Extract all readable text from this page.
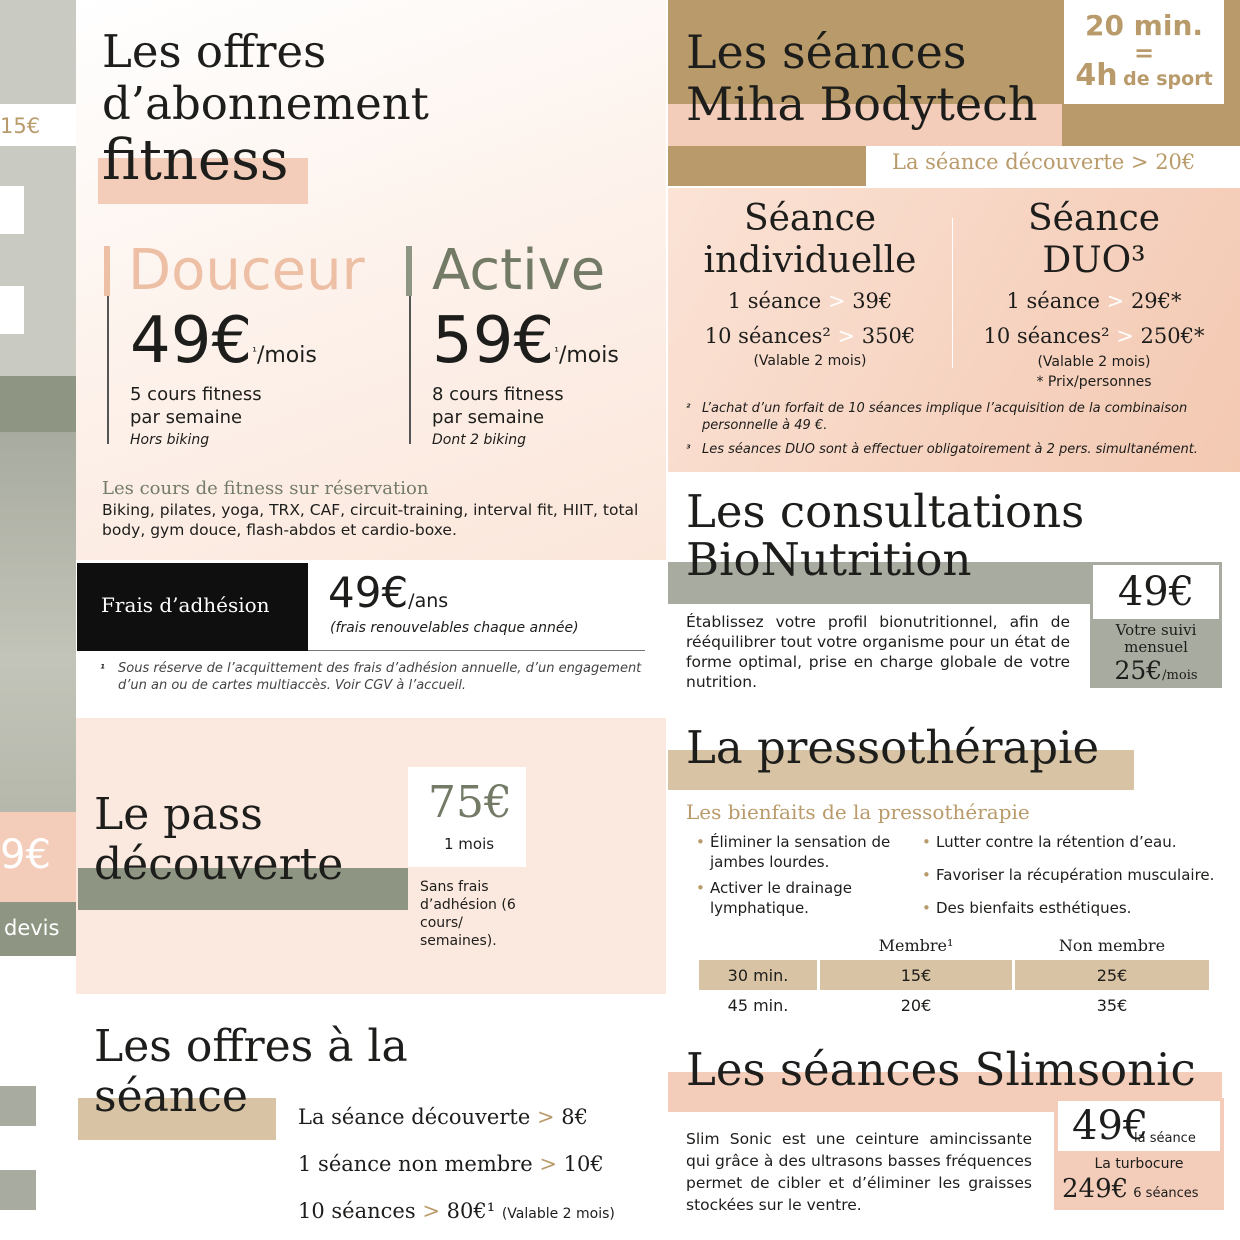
15€
9€
devis
Les offres
d’abonnement
fitness
Douceur
49€$^{^1}$/mois
5 cours fitness
par semaine
Hors biking
Active
59€$^{^1}$/mois
8 cours fitness
par semaine
Dont 2 biking
Les cours de fitness sur réservation
Biking, pilates, yoga, TRX, CAF, circuit-training, interval fit, HIIT, total body, gym douce, flash-abdos et cardio-boxe.
Frais d’adhésion 49€/ans
(frais renouvelables chaque année)
¹ Sous réserve de l’acquittement des frais d’adhésion annuelle, d’un engagement d’un an ou de cartes multiaccès. Voir CGV à l’accueil.
Le pass
découverte
75€
1 mois
Sans frais d’adhésion (6 cours/ semaines).
Les offres à la
séance	La séance découverte > 8€
1 séance non membre > 10€
10 séances > 80€¹ (Valable 2 mois)
20 min.
=
4h de sport
Les séances
Miha Bodytech
La séance découverte > 20€
Séance
individuelle
1 séance > 39€
10 séances² > 350€
(Valable 2 mois)
Séance
DUO³
1 séance > 29€*
10 séances² > 250€*
(Valable 2 mois)
* Prix/personnes
² L’achat d’un forfait de 10 séances implique l’acquisition de la combinaison personnelle à 49 €.
³ Les séances DUO sont à effectuer obligatoirement à 2 pers. simultanément.
Les consultations
BioNutrition
Établissez votre profil bionutritionnel, afin de rééquilibrer tout votre organisme pour un état de forme optimal, prise en charge globale de votre nutrition.
49€
Votre suivi
mensuel
25€/mois
La pressothérapie
Les bienfaits de la pressothérapie
• Éliminer la sensation de jambes lourdes.
• Activer le drainage lymphatique.
• Lutter contre la rétention d’eau.
• Favoriser la récupération musculaire.
• Des bienfaits esthétiques.
	Membre¹	Non membre
30 min.	15€	25€
45 min.	20€	35€
Les séances Slimsonic
Slim Sonic est une ceinture amincissante qui grâce à des ultrasons basses fréquences permet de cibler et d’éliminer les graisses stockées sur le ventre.
49€
la séance
La turbocure
249€ 6 séances
